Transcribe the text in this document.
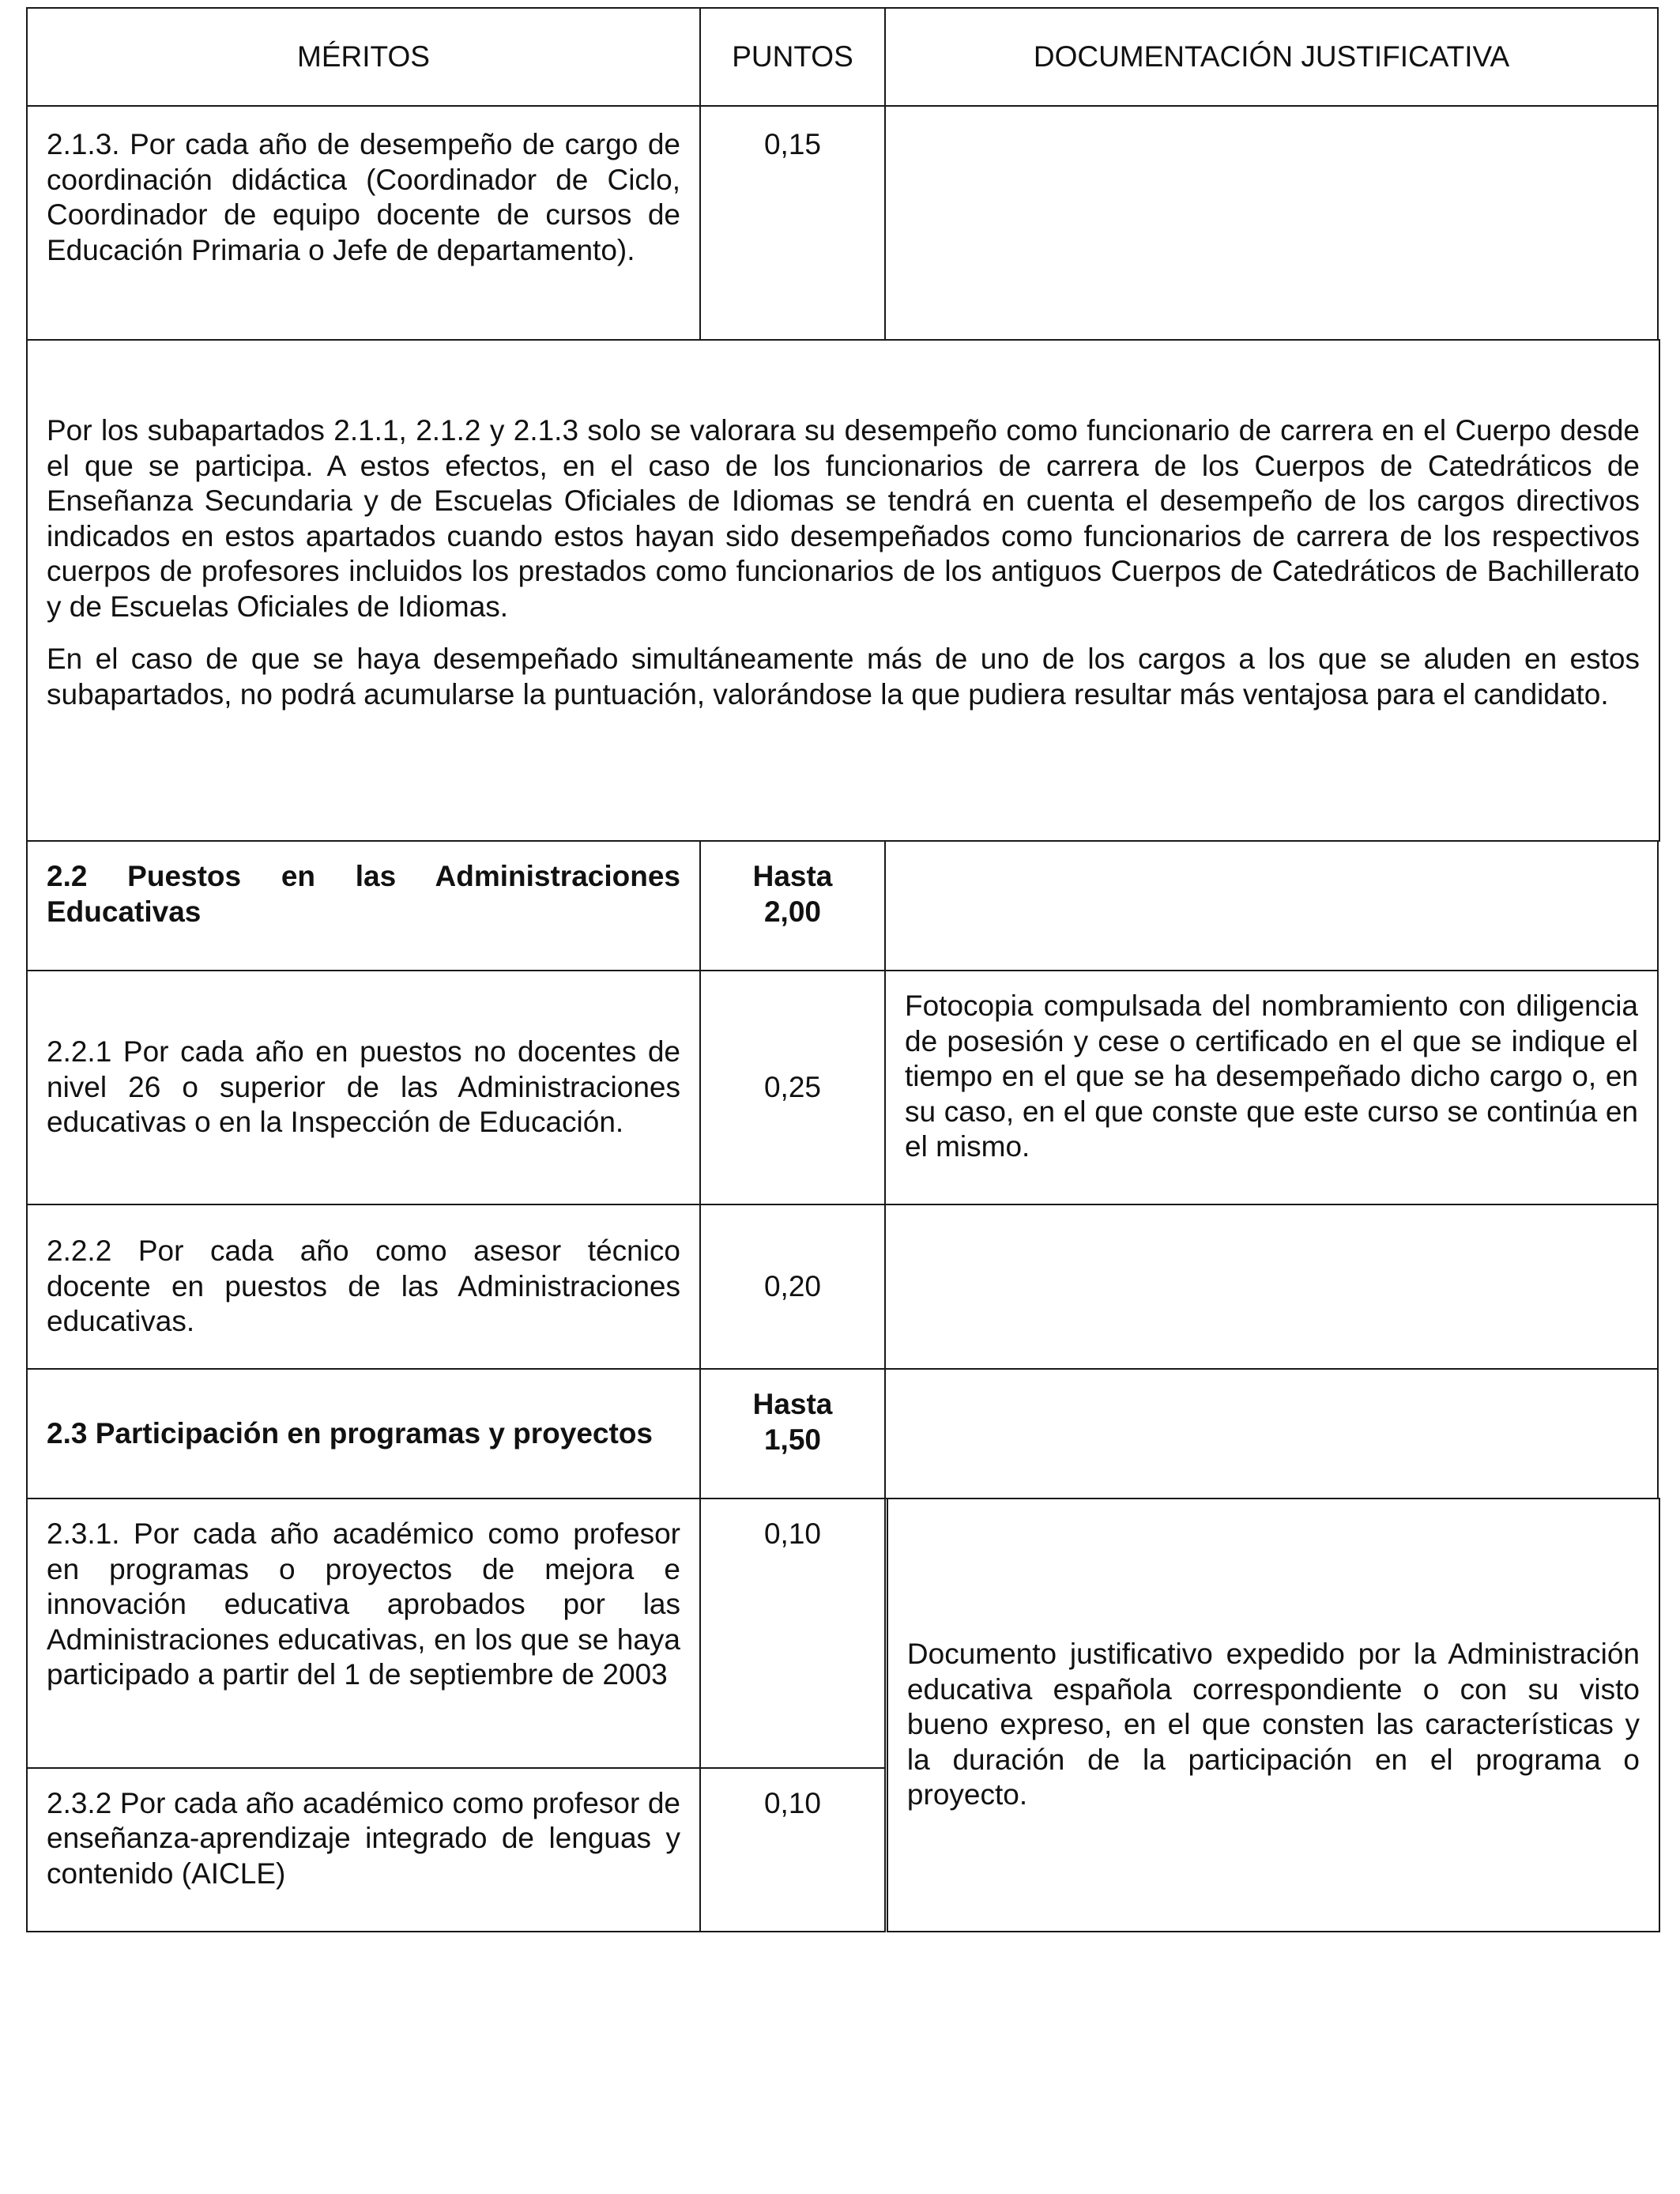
MÉRITOS	PUNTOS	DOCUMENTACIÓN JUSTIFICATIVA
2.1.3. Por cada año de desempeño de cargo de coordinación didáctica (Coordinador de Ciclo, Coordinador de equipo docente de cursos de Educación Primaria o Jefe de departamento).
0,15

Por los subapartados 2.1.1, 2.1.2 y 2.1.3 solo se valorara su desempeño como funcionario de carrera en el Cuerpo desde el que se participa. A estos efectos, en el caso de los funcionarios de carrera de los Cuerpos de Catedráticos de Enseñanza Secundaria y de Escuelas Oficiales de Idiomas se tendrá en cuenta el desempeño de los cargos directivos indicados en estos apartados cuando estos hayan sido desempeñados como funcionarios de carrera de los respectivos cuerpos de profesores incluidos los prestados como funcionarios de los antiguos Cuerpos de Catedráticos de Bachillerato y de Escuelas Oficiales de Idiomas.

En el caso de que se haya desempeñado simultáneamente más de uno de los cargos a los que se aluden en estos subapartados, no podrá acumularse la puntuación, valorándose la que pudiera resultar más ventajosa para el candidato.

2.2 Puestos en las Administraciones Educativas
Hasta
2,00
2.2.1 Por cada año en puestos no docentes de nivel 26 o superior de las Administraciones educativas o en la Inspección de Educación.
0,25
Fotocopia compulsada del nombramiento con diligencia de posesión y cese o certificado en el que se indique el tiempo en el que se ha desempeñado dicho cargo o, en su caso, en el que conste que este curso se continúa en el mismo.
2.2.2 Por cada año como asesor técnico docente en puestos de las Administraciones educativas.
0,20
2.3 Participación en programas y proyectos
Hasta
1,50
2.3.1. Por cada año académico como profesor en programas o proyectos de mejora e innovación educativa aprobados por las Administraciones educativas, en los que se haya participado a partir del 1 de septiembre de 2003
0,10
2.3.2 Por cada año académico como profesor de enseñanza-aprendizaje integrado de lenguas y contenido (AICLE)
0,10
Documento justificativo expedido por la Administración educativa española correspondiente o con su visto bueno expreso, en el que consten las características y la duración de la participación en el programa o proyecto.
